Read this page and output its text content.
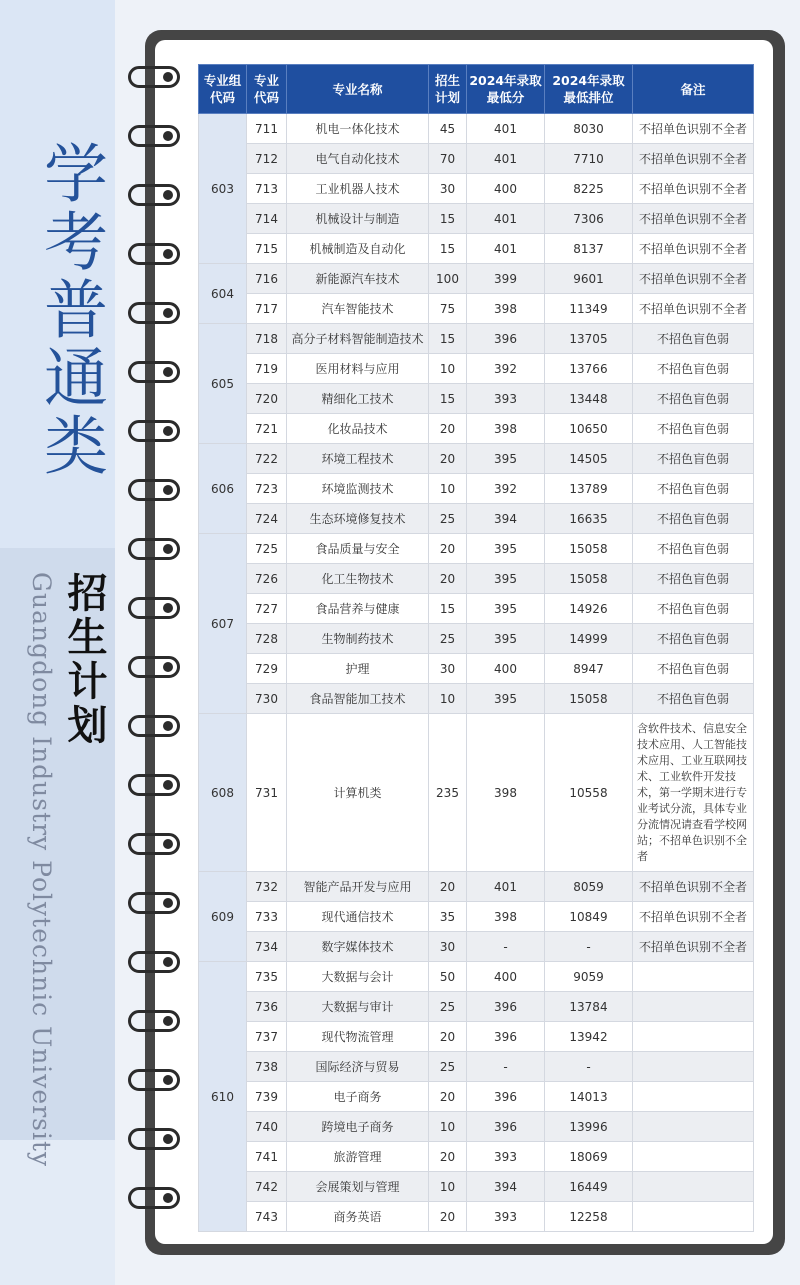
学考普通类
招生计划
Guangdong Industry Polytechnic University
专业组代码	专业代码	专业名称	招生计划	2024年录取最低分	2024年录取最低排位	备注
603	711	机电一体化技术	45	401	8030	不招单色识别不全者
	712	电气自动化技术	70	401	7710	不招单色识别不全者
	713	工业机器人技术	30	400	8225	不招单色识别不全者
	714	机械设计与制造	15	401	7306	不招单色识别不全者
	715	机械制造及自动化	15	401	8137	不招单色识别不全者
604	716	新能源汽车技术	100	399	9601	不招单色识别不全者
	717	汽车智能技术	75	398	11349	不招单色识别不全者
605	718	高分子材料智能制造技术	15	396	13705	不招色盲色弱
	719	医用材料与应用	10	392	13766	不招色盲色弱
	720	精细化工技术	15	393	13448	不招色盲色弱
	721	化妆品技术	20	398	10650	不招色盲色弱
606	722	环境工程技术	20	395	14505	不招色盲色弱
	723	环境监测技术	10	392	13789	不招色盲色弱
	724	生态环境修复技术	25	394	16635	不招色盲色弱
607	725	食品质量与安全	20	395	15058	不招色盲色弱
	726	化工生物技术	20	395	15058	不招色盲色弱
	727	食品营养与健康	15	395	14926	不招色盲色弱
	728	生物制药技术	25	395	14999	不招色盲色弱
	729	护理	30	400	8947	不招色盲色弱
	730	食品智能加工技术	10	395	15058	不招色盲色弱
608	731	计算机类	235	398	10558	含软件技术、信息安全技术应用、人工智能技术应用、工业互联网技术、工业软件开发技术，第一学期末进行专业考试分流，具体专业分流情况请查看学校网站；不招单色识别不全者
609	732	智能产品开发与应用	20	401	8059	不招单色识别不全者
	733	现代通信技术	35	398	10849	不招单色识别不全者
	734	数字媒体技术	30	-	-	不招单色识别不全者
610	735	大数据与会计	50	400	9059	
	736	大数据与审计	25	396	13784	
	737	现代物流管理	20	396	13942	
	738	国际经济与贸易	25	-	-	
	739	电子商务	20	396	14013	
	740	跨境电子商务	10	396	13996	
	741	旅游管理	20	393	18069	
	742	会展策划与管理	10	394	16449	
	743	商务英语	20	393	12258	
